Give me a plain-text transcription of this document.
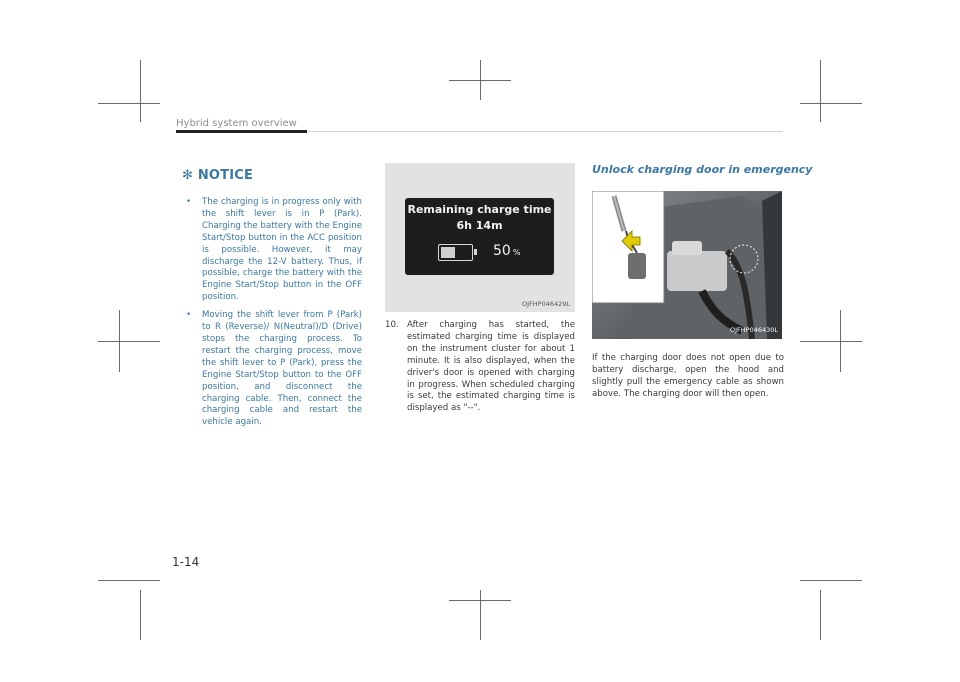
Hybrid system overview
✻ NOTICE
• The charging is in progress only with the shift lever is in P (Park). Charging the battery with the Engine Start/Stop button in the ACC position is possible. However, it may discharge the 12-V battery. Thus, if possible, charge the battery with the Engine Start/Stop button in the OFF position.
• Moving the shift lever from P (Park) to R (Reverse)/ N(Neutral)/D (Drive) stops the charging process. To restart the charging process, move the shift lever to P (Park), press the Engine Start/Stop button to the OFF position, and disconnect the charging cable. Then, connect the charging cable and restart the vehicle again.
Remaining charge time
6h 14m
50 %
OJFHP046429L
10. After charging has started, the estimated charging time is displayed on the instrument cluster for about 1 minute. It is also displayed, when the driver's door is opened with charging in progress. When scheduled charging is set, the estimated charging time is displayed as "--".
Unlock charging door in emergency
OJFHP046430L
If the charging door does not open due to battery discharge, open the hood and slightly pull the emergency cable as shown above. The charging door will then open.
1-14
